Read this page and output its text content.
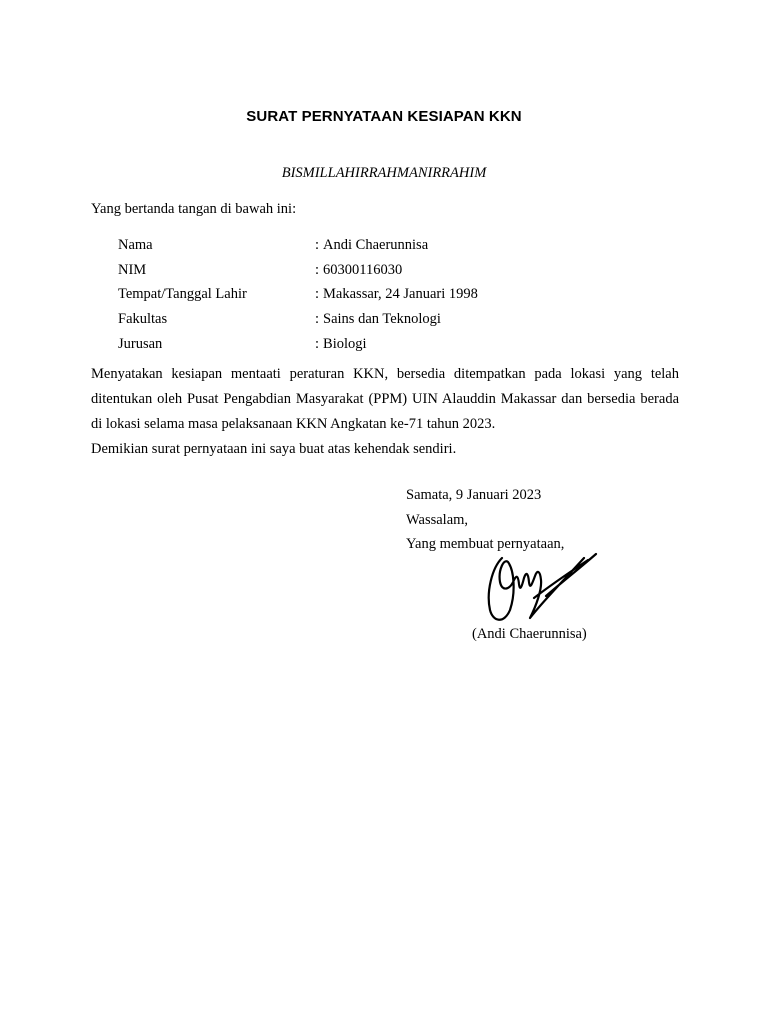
SURAT PERNYATAAN KESIAPAN KKN
BISMILLAHIRRAHMANIRRAHIM
Yang bertanda tangan di bawah ini:
Nama	: Andi Chaerunnisa
NIM	: 60300116030
Tempat/Tanggal Lahir	: Makassar, 24 Januari 1998
Fakultas	: Sains dan Teknologi
Jurusan	: Biologi

Menyatakan kesiapan mentaati peraturan KKN, bersedia ditempatkan pada lokasi yang telah ditentukan oleh Pusat Pengabdian Masyarakat (PPM) UIN Alauddin Makassar dan bersedia berada di lokasi selama masa pelaksanaan KKN Angkatan ke-71 tahun 2023.

Demikian surat pernyataan ini saya buat atas kehendak sendiri.

Samata, 9 Januari 2023
Wassalam,
Yang membuat pernyataan,
(Andi Chaerunnisa)
